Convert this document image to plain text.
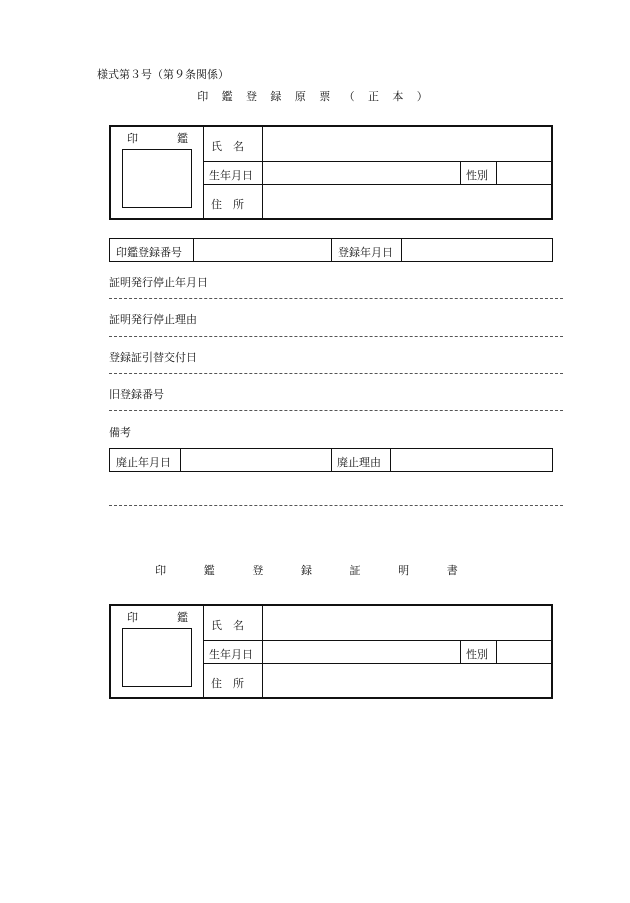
様式第３号（第９条関係）
印 鑑 登 録 原 票 （ 正 本 ）
印	鑑
氏　名
生年月日	性別
住　所
印鑑登録番号	登録年月日
証明発行停止年月日
証明発行停止理由
登録証引替交付日
旧登録番号
備考
廃止年月日	廃止理由
印 鑑 登 録 証 明 書
印	鑑
氏　名
生年月日	性別
住　所
